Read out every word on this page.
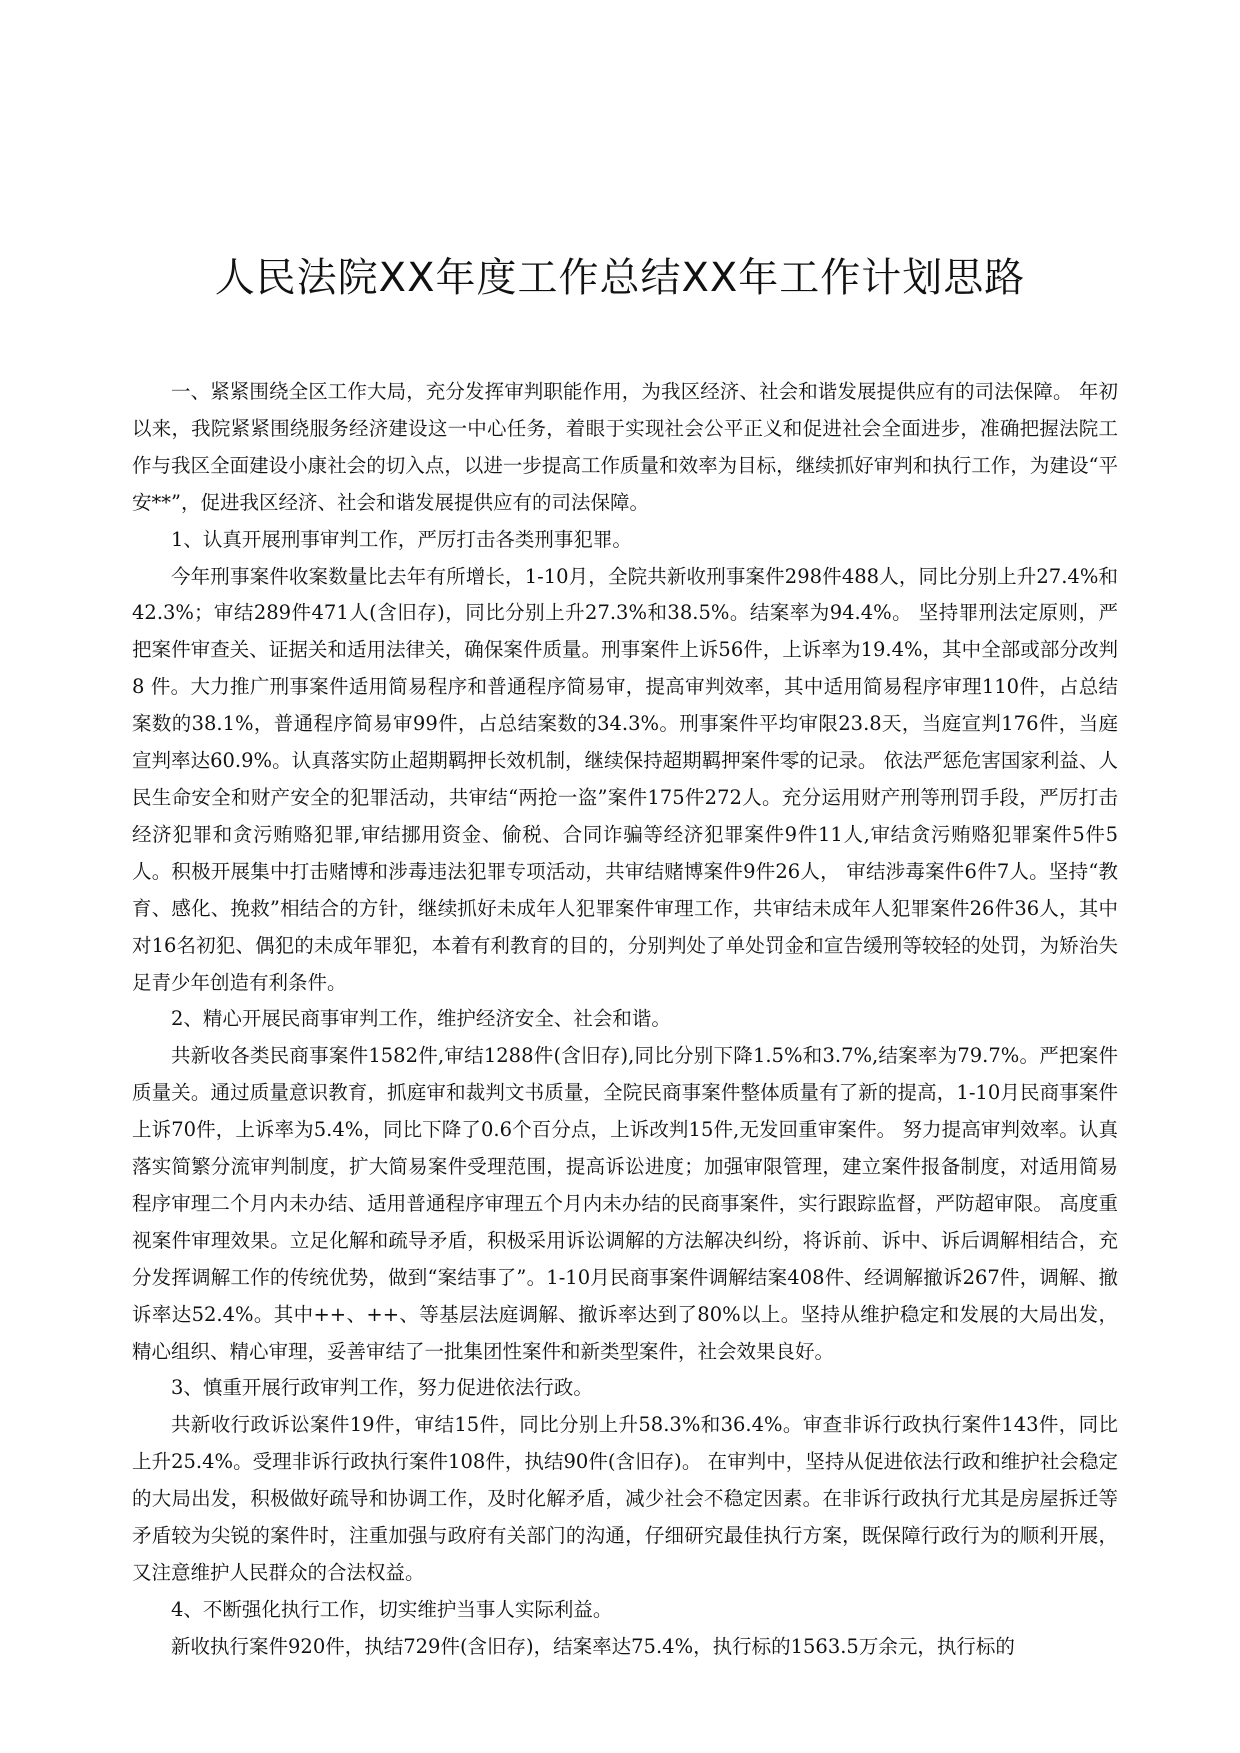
人民法院XX年度工作总结XX年工作计划思路

一、紧紧围绕全区工作大局，充分发挥审判职能作用，为我区经济、社会和谐发展提供应有的司法保障。 年初以来，我院紧紧围绕服务经济建设这一中心任务，着眼于实现社会公平正义和促进社会全面进步，准确把握法院工作与我区全面建设小康社会的切入点，以进一步提高工作质量和效率为目标，继续抓好审判和执行工作，为建设“平安**”，促进我区经济、社会和谐发展提供应有的司法保障。

1、认真开展刑事审判工作，严厉打击各类刑事犯罪。

今年刑事案件收案数量比去年有所增长，1-10月，全院共新收刑事案件298件488人，同比分别上升27.4%和42.3%；审结289件471人(含旧存)，同比分别上升27.3%和38.5%。结案率为94.4%。 坚持罪刑法定原则，严把案件审查关、证据关和适用法律关，确保案件质量。刑事案件上诉56件，上诉率为19.4%，其中全部或部分改判 8 件。大力推广刑事案件适用简易程序和普通程序简易审，提高审判效率，其中适用简易程序审理110件，占总结案数的38.1%，普通程序简易审99件，占总结案数的34.3%。刑事案件平均审限23.8天，当庭宣判176件，当庭宣判率达60.9%。认真落实防止超期羁押长效机制，继续保持超期羁押案件零的记录。 依法严惩危害国家利益、人民生命安全和财产安全的犯罪活动，共审结“两抢一盗”案件175件272人。充分运用财产刑等刑罚手段，严厉打击经济犯罪和贪污贿赂犯罪,审结挪用资金、偷税、合同诈骗等经济犯罪案件9件11人,审结贪污贿赂犯罪案件5件5人。积极开展集中打击赌博和涉毒违法犯罪专项活动，共审结赌博案件9件26人， 审结涉毒案件6件7人。坚持“教育、感化、挽救”相结合的方针，继续抓好未成年人犯罪案件审理工作，共审结未成年人犯罪案件26件36人，其中对16名初犯、偶犯的未成年罪犯，本着有利教育的目的，分别判处了单处罚金和宣告缓刑等较轻的处罚，为矫治失足青少年创造有利条件。

2、精心开展民商事审判工作，维护经济安全、社会和谐。

共新收各类民商事案件1582件,审结1288件(含旧存),同比分别下降1.5%和3.7%,结案率为79.7%。严把案件质量关。通过质量意识教育，抓庭审和裁判文书质量，全院民商事案件整体质量有了新的提高，1-10月民商事案件上诉70件，上诉率为5.4%，同比下降了0.6个百分点，上诉改判15件,无发回重审案件。 努力提高审判效率。认真落实简繁分流审判制度，扩大简易案件受理范围，提高诉讼进度；加强审限管理，建立案件报备制度，对适用简易程序审理二个月内未办结、适用普通程序审理五个月内未办结的民商事案件，实行跟踪监督，严防超审限。 高度重视案件审理效果。立足化解和疏导矛盾，积极采用诉讼调解的方法解决纠纷，将诉前、诉中、诉后调解相结合，充分发挥调解工作的传统优势，做到“案结事了”。1-10月民商事案件调解结案408件、经调解撤诉267件，调解、撤诉率达52.4%。其中++、++、等基层法庭调解、撤诉率达到了80%以上。坚持从维护稳定和发展的大局出发，精心组织、精心审理，妥善审结了一批集团性案件和新类型案件，社会效果良好。

3、慎重开展行政审判工作，努力促进依法行政。

共新收行政诉讼案件19件，审结15件，同比分别上升58.3%和36.4%。审查非诉行政执行案件143件，同比上升25.4%。受理非诉行政执行案件108件，执结90件(含旧存)。 在审判中，坚持从促进依法行政和维护社会稳定的大局出发，积极做好疏导和协调工作，及时化解矛盾，减少社会不稳定因素。在非诉行政执行尤其是房屋拆迁等矛盾较为尖锐的案件时，注重加强与政府有关部门的沟通，仔细研究最佳执行方案，既保障行政行为的顺利开展，又注意维护人民群众的合法权益。

4、不断强化执行工作，切实维护当事人实际利益。

新收执行案件920件，执结729件(含旧存)，结案率达75.4%，执行标的1563.5万余元，执行标的
